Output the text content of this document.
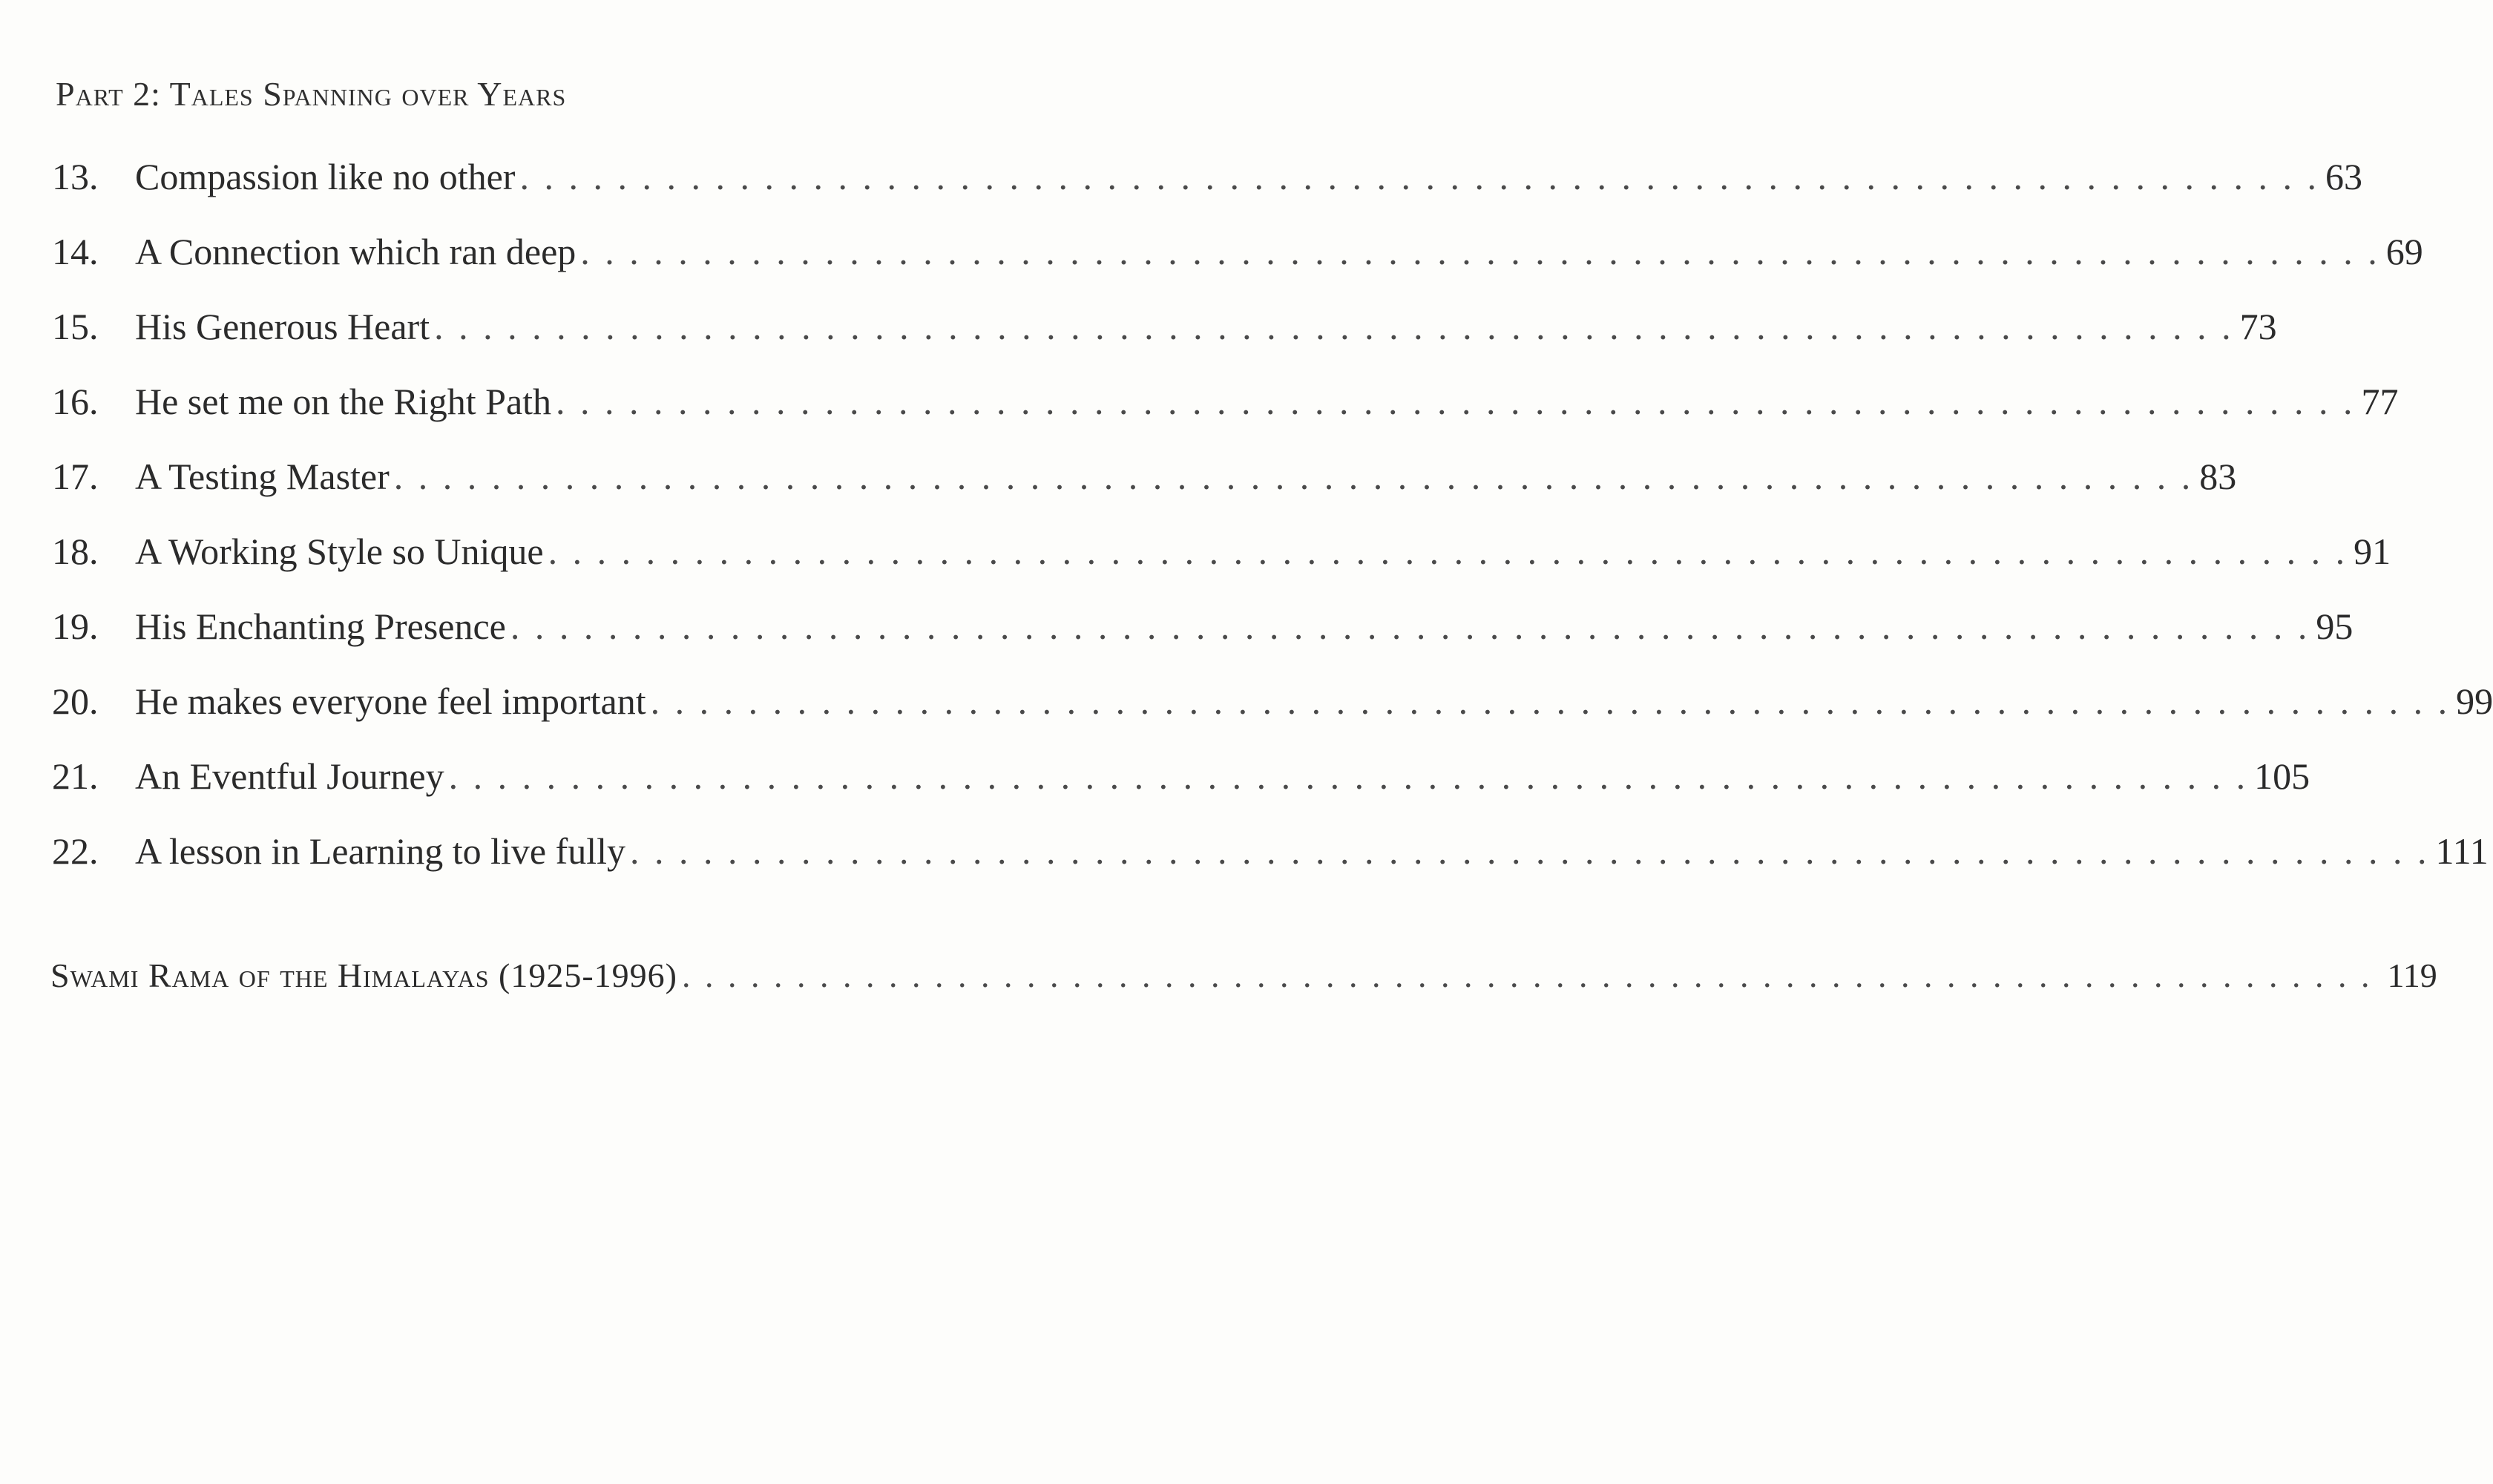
Part 2: Tales Spanning over Years
13. Compassion like no other . . . . . . . . . . . . . . . . . . . . . . . . . . . . . . . . . . . . . . . . . . . . . . . . . . . . . . . . . . . . . . . . . . . . . . . . . . 63
14. A Connection which ran deep . . . . . . . . . . . . . . . . . . . . . . . . . . . . . . . . . . . . . . . . . . . . . . . . . . . . . . . . . . . . . . . . . . . . . . . . . . 69
15. His Generous Heart . . . . . . . . . . . . . . . . . . . . . . . . . . . . . . . . . . . . . . . . . . . . . . . . . . . . . . . . . . . . . . . . . . . . . . . . . . 73
16. He set me on the Right Path . . . . . . . . . . . . . . . . . . . . . . . . . . . . . . . . . . . . . . . . . . . . . . . . . . . . . . . . . . . . . . . . . . . . . . . . . . 77
17. A Testing Master . . . . . . . . . . . . . . . . . . . . . . . . . . . . . . . . . . . . . . . . . . . . . . . . . . . . . . . . . . . . . . . . . . . . . . . . . . 83
18. A Working Style so Unique . . . . . . . . . . . . . . . . . . . . . . . . . . . . . . . . . . . . . . . . . . . . . . . . . . . . . . . . . . . . . . . . . . . . . . . . . . 91
19. His Enchanting Presence . . . . . . . . . . . . . . . . . . . . . . . . . . . . . . . . . . . . . . . . . . . . . . . . . . . . . . . . . . . . . . . . . . . . . . . . . . 95
20. He makes everyone feel important . . . . . . . . . . . . . . . . . . . . . . . . . . . . . . . . . . . . . . . . . . . . . . . . . . . . . . . . . . . . . . . . . . . . . . . . . . 99
21. An Eventful Journey . . . . . . . . . . . . . . . . . . . . . . . . . . . . . . . . . . . . . . . . . . . . . . . . . . . . . . . . . . . . . . . . . . . . . . . . . . 105
22. A lesson in Learning to live fully . . . . . . . . . . . . . . . . . . . . . . . . . . . . . . . . . . . . . . . . . . . . . . . . . . . . . . . . . . . . . . . . . . . . . . . . . . 111
Swami Rama of the Himalayas (1925-1996) . . . . . . . . . . . . . . . . . . . . . . . . . . . . . . . . . . . . . . . . . . . . . . . . . . . . . . . . . . . . . . . . . . . . . . . . . . 119
